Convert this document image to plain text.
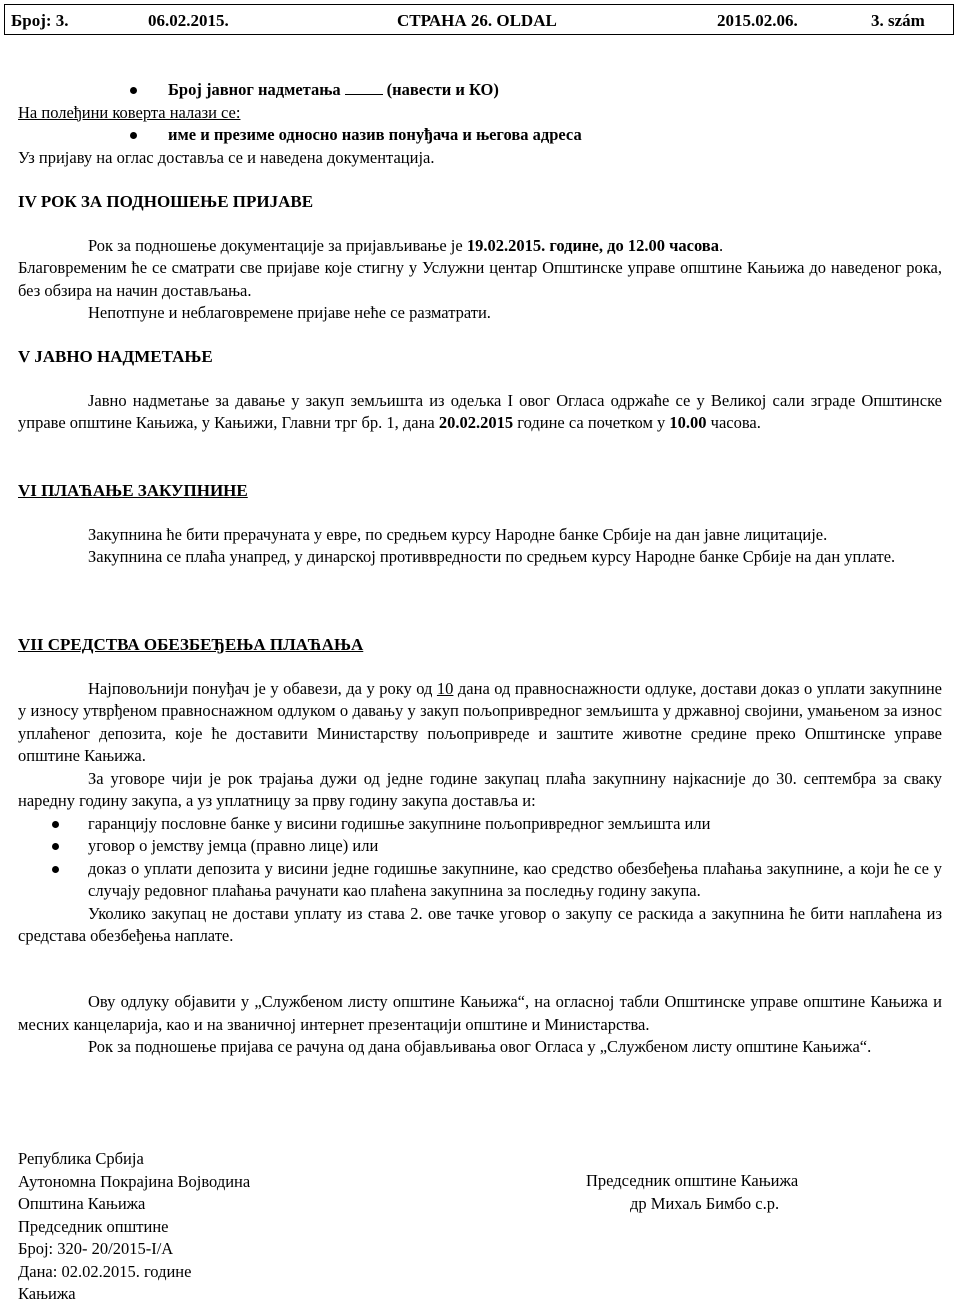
Број: 3.	06.02.2015.	СТРАНА 26. OLDAL	2015.02.06.	3. szám
Број јавног надметања	(навести и КО)

На полеђини коверта налази се:

име и презиме односно назив понуђача и његова адреса

Уз пријаву на оглас доставља се и наведена документација.

IV РОК ЗА ПОДНОШЕЊЕ ПРИЈАВЕ

Рок за подношење документације за пријављивање је 19.02.2015. године, до 12.00 часова.

Благовременим ће се сматрати све пријаве које стигну у Услужни центар Општинске управе општине Кањижа до наведеног рока, без обзира на начин достављања.

Непотпуне и неблаговремене пријаве неће се разматрати.

V ЈАВНО НАДМЕТАЊЕ

Јавно надметање за давање у закуп земљишта из одељка I овог Огласа одржаће се у Великој сали зграде Општинске управе општине Кањижа, у Кањижи, Главни трг бр. 1, дана 20.02.2015 године са почетком у 10.00 часова.

VI ПЛАЋАЊЕ ЗАКУПНИНЕ

Закупнина ће бити прерачуната у евре, по средњем курсу Народне банке Србије на дан јавне лицитације.

Закупнина се плаћа унапред, у динарској противвредности по средњем курсу Народне банке Србије на дан уплате.

VII СРЕДСТВА ОБЕЗБЕЂЕЊА ПЛАЋАЊА

Најповољнији понуђач је у обавези, да у року од 10 дана од правноснажности одлуке, достави доказ о уплати закупнине у износу утврђеном правноснажном одлуком о давању у закуп пољопривредног земљишта у државној својини, умањеном за износ уплаћеног депозита, које ће доставити Министарству пољопривреде и заштите животне средине преко Општинске управе општине Кањижа.

За уговоре чији је рок трајања дужи од једне године закупац плаћа закупнину најкасније до 30. септембра за сваку наредну годину закупа, а уз уплатницу за прву годину закупа доставља и:

гаранцију пословне банке у висини годишње закупнине пољопривредног земљишта или

уговор о јемству јемца (правно лице) или

доказ о уплати депозита у висини једне годишње закупнине, као средство обезбеђења плаћања закупнине, а који ће се у случају редовног плаћања рачунати као плаћена закупнина за последњу годину закупа.

Уколико закупац не достави уплату из става 2. ове тачке уговор о закупу се раскида а закупнина ће бити наплаћена из средстава обезбеђења наплате.

Ову одлуку објавити у „Службеном листу општине Кањижа“, на огласној табли Општинске управе општине Кањижа и месних канцеларија, као и на званичној интернет презентацији општине и Министарства.

Рок за подношење пријава се рачуна од дана објављивања овог Огласа у „Службеном листу општине Кањижа“.

Република Србија
Аутономна Покрајина Војводина
Општина Кањижа
Председник општине
Број: 320- 20/2015-I/А
Дана: 02.02.2015. године
Кањижа
Председник општине Кањижа
др Михаљ Бимбо с.р.
